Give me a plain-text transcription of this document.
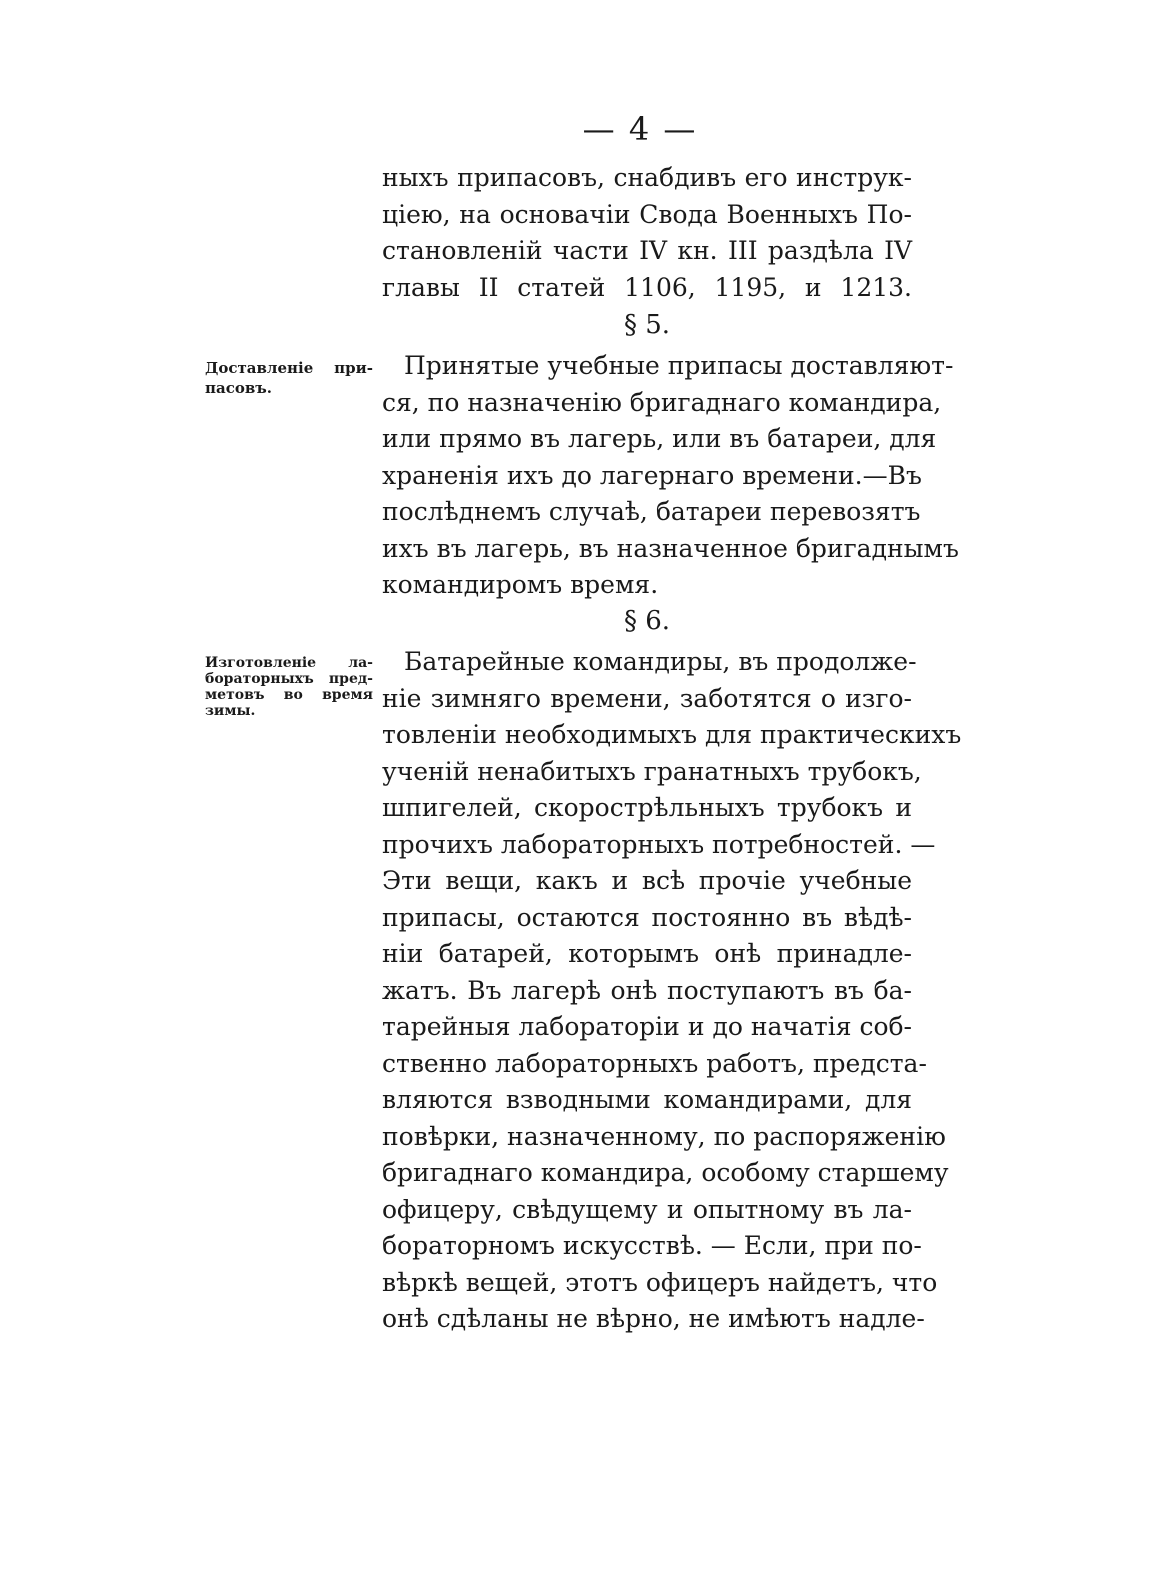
— 4 —
ныхъ припасовъ, снабдивъ его инструк-
цiею, на основачiи Свода Военныхъ По-
становленiй части IV кн. III раздѣла IV
главы II статей 1106, 1195, и 1213.
§ 5.
Доставленіе при-
пасовъ.
Принятые учебные припасы доставляют-
ся, по назначенію бригаднаго командира,
или прямо въ лагерь, или въ батареи, для
храненія ихъ до лагернаго времени.—Въ
послѣднемъ случаѣ, батареи перевозятъ
ихъ въ лагерь, въ назначенное бригаднымъ
командиромъ время.
§ 6.
Изготовленіе ла-
бораторныхъ пред-
метовъ во время
зимы.
Батарейные командиры, въ продолже-
ніе зимняго времени, заботятся о изго-
товленіи необходимыхъ для практическихъ
ученій ненабитыхъ гранатныхъ трубокъ,
шпигелей, скорострѣльныхъ трубокъ и
прочихъ лабораторныхъ потребностей. —
Эти вещи, какъ и всѣ прочіе учебные
припасы, остаются постоянно въ вѣдѣ-
ніи батарей, которымъ онѣ принадле-
жатъ. Въ лагерѣ онѣ поступаютъ въ ба-
тарейныя лабораторіи и до начатія соб-
ственно лабораторныхъ работъ, предста-
вляются взводными командирами, для
повѣрки, назначенному, по распоряженію
бригаднаго командира, особому старшему
офицеру, свѣдущему и опытному въ ла-
бораторномъ искусствѣ. — Если, при по-
вѣркѣ вещей, этотъ офицеръ найдетъ, что
онѣ сдѣланы не вѣрно, не имѣютъ надле-
